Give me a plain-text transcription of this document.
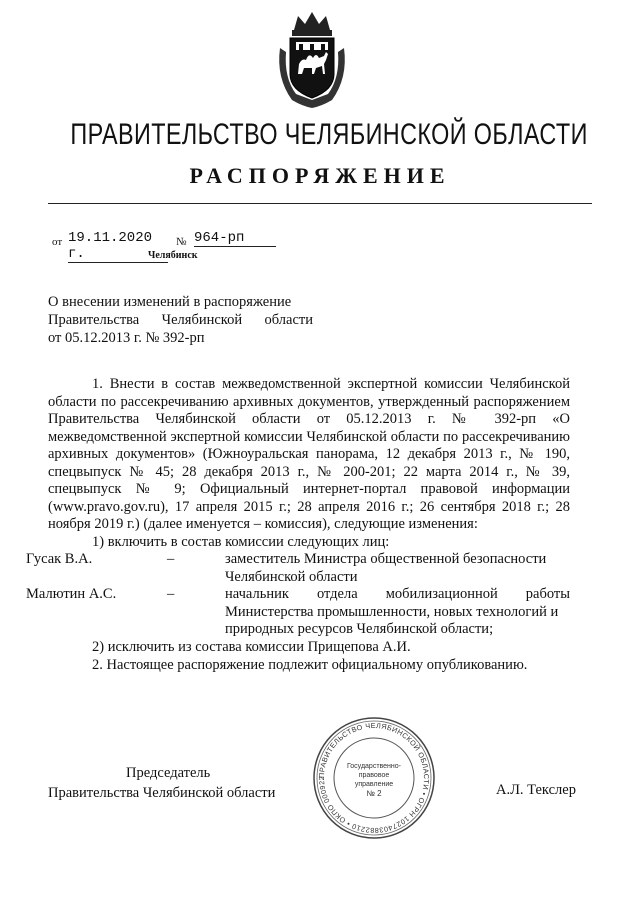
ПРАВИТЕЛЬСТВО ЧЕЛЯБИНСКОЙ ОБЛАСТИ
РАСПОРЯЖЕНИЕ
от 19.11.2020 г.
№ 964-рп
Челябинск
О внесении изменений в распоряжение
Правительства Челябинской области
от 05.12.2013 г. № 392-рп

1. Внести в состав межведомственной экспертной комиссии Челябинской области по рассекречиванию архивных документов, утвержденный распоряжением Правительства Челябинской области от 05.12.2013 г. № 392-рп «О межведомственной экспертной комиссии Челябинской области по рассекречиванию архивных документов» (Южноуральская панорама, 12 декабря 2013 г., № 190, спецвыпуск № 45; 28 декабря 2013 г., № 200-201; 22 марта 2014 г., № 39, спецвыпуск № 9; Официальный интернет-портал правовой информации (www.pravo.gov.ru), 17 апреля 2015 г.; 28 апреля 2016 г.; 26 сентября 2018 г.; 28 ноября 2019 г.) (далее именуется – комиссия), следующие изменения:

1) включить в состав комиссии следующих лиц:

Гусак В.А.	–	заместитель Министра общественной безопасности
Челябинской области
Малютин А.С.	–	начальник отдела мобилизационной работы
Министерства промышленности, новых технологий и
природных ресурсов Челябинской области;

2) исключить из состава комиссии Прищепова А.И.

2. Настоящее распоряжение подлежит официальному опубликованию.

Председатель
Правительства Челябинской области	А.Л. Текслер
ПРАВИТЕЛЬСТВО ЧЕЛЯБИНСКОЙ ОБЛАСТИ • ОГРН 1027403882210 • ОКПО 000922
Государственно-
правовое
управление
№ 2
